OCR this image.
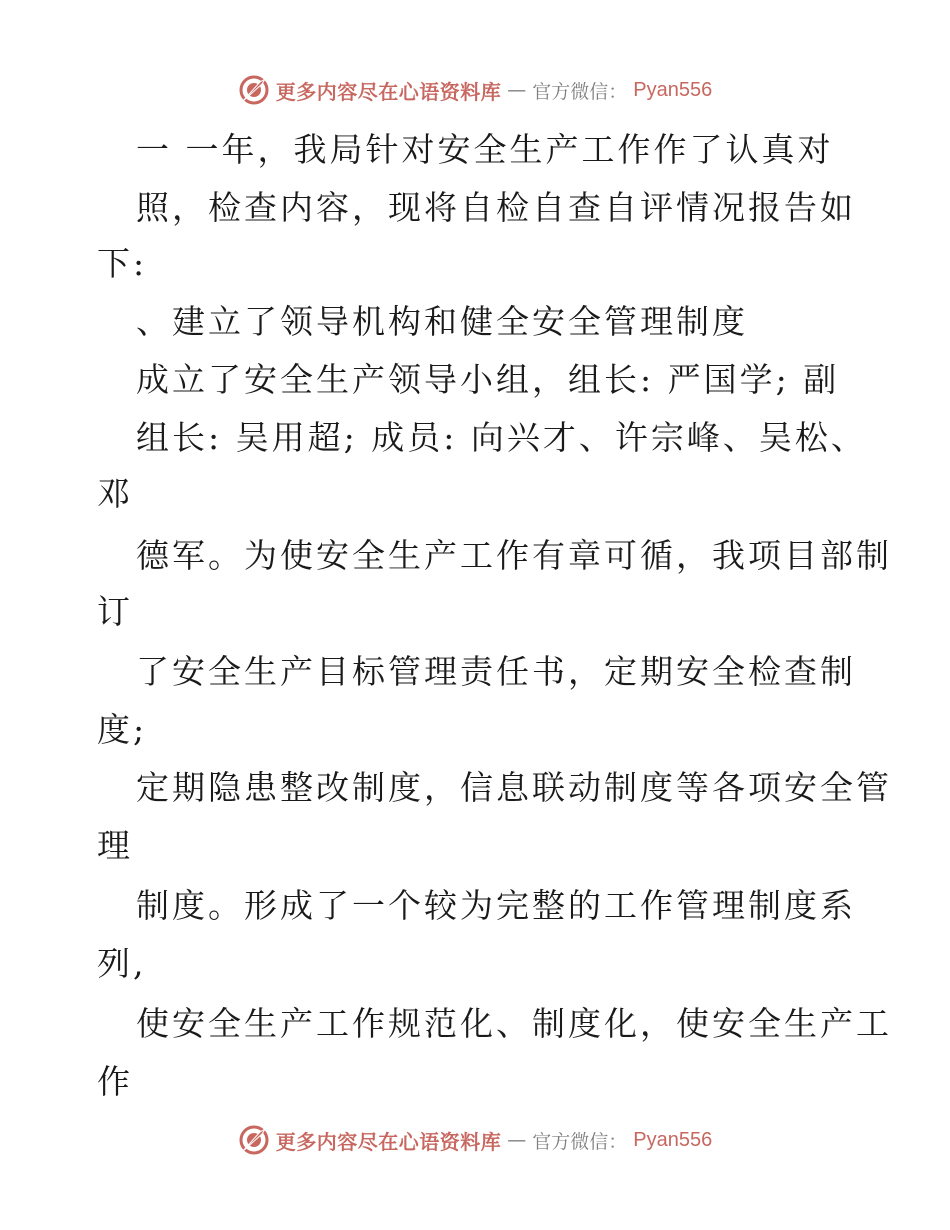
更多内容尽在心语资料库 — 官方微信： Pyan556
一 一年，我局针对安全生产工作作了认真对
照，检查内容，现将自检自查自评情况报告如
下:
、建立了领导机构和健全安全管理制度
成立了安全生产领导小组，组长: 严国学; 副
组长: 吴用超; 成员: 向兴才、许宗峰、吴松、
邓
德军。为使安全生产工作有章可循，我项目部制
订
了安全生产目标管理责任书，定期安全检查制
度;
定期隐患整改制度，信息联动制度等各项安全管
理
制度。形成了一个较为完整的工作管理制度系
列,
使安全生产工作规范化、制度化，使安全生产工
作
更多内容尽在心语资料库 — 官方微信： Pyan556
